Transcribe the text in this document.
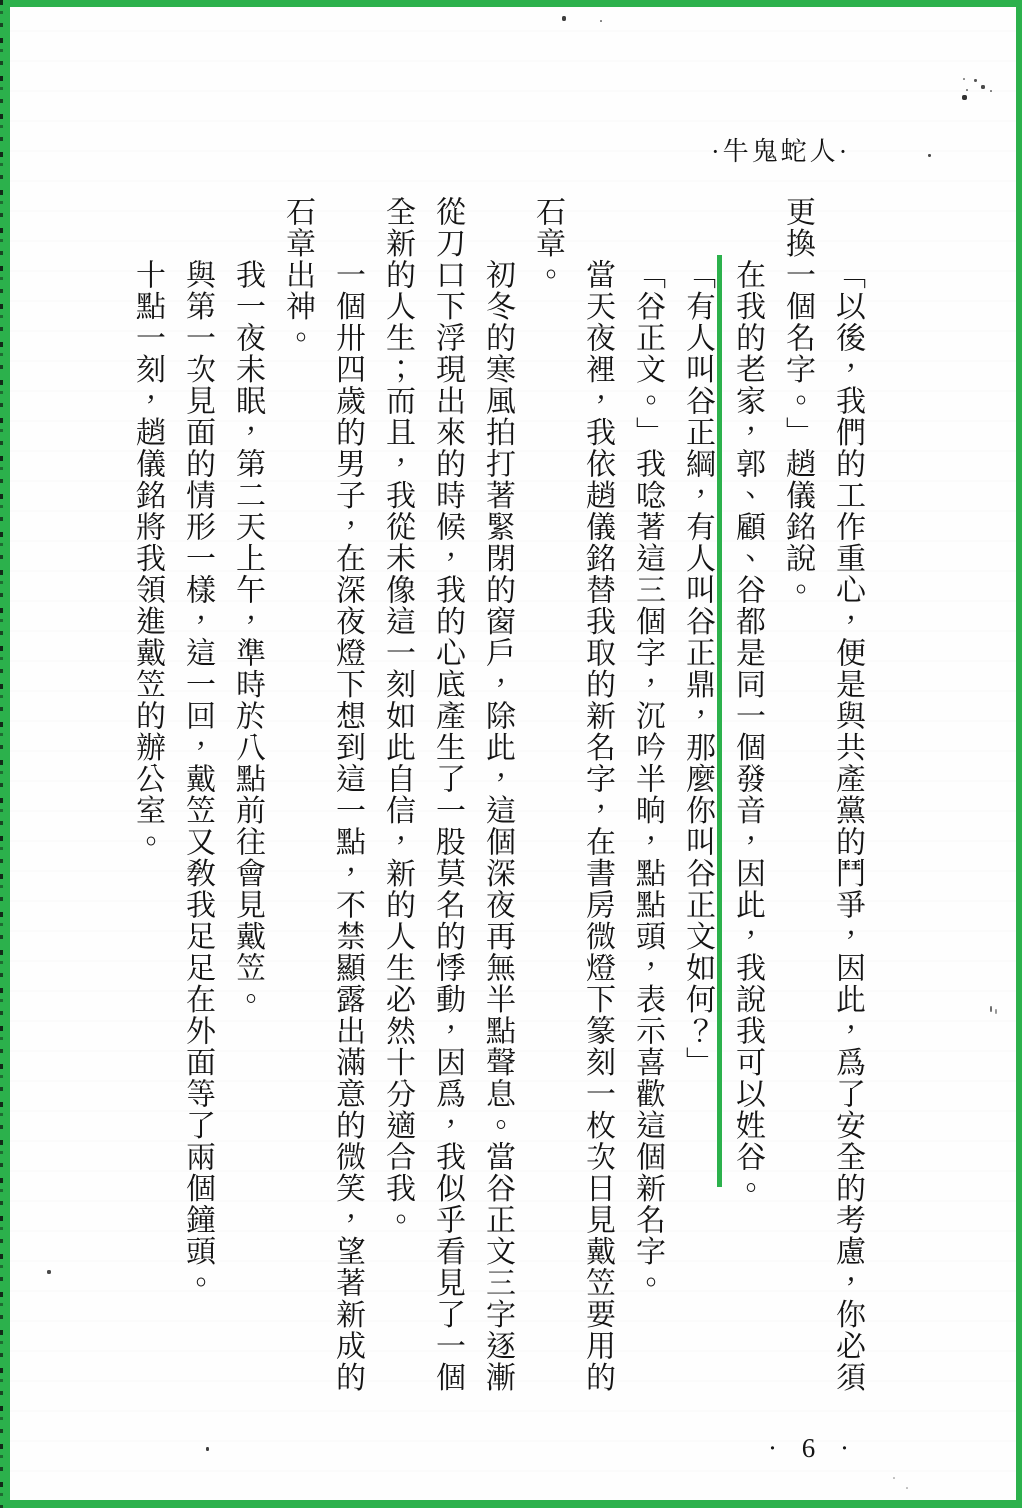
·牛鬼蛇人·
「以後，我們的工作重心，便是與共產黨的鬥爭，因此，爲了安全的考慮，你必須
更換一個名字。」趙儀銘說。
在我的老家，郭、顧、谷都是同一個發音，因此，我說我可以姓谷。
「有人叫谷正綱，有人叫谷正鼎，那麼你叫谷正文如何？」
「谷正文。」我唸著這三個字，沉吟半晌，點點頭，表示喜歡這個新名字。
當天夜裡，我依趙儀銘替我取的新名字，在書房微燈下篆刻一枚次日見戴笠要用的
石章。
初冬的寒風拍打著緊閉的窗戶，除此，這個深夜再無半點聲息。當谷正文三字逐漸
從刀口下浮現出來的時候，我的心底產生了一股莫名的悸動，因爲，我似乎看見了一個
全新的人生；而且，我從未像這一刻如此自信，新的人生必然十分適合我。
一個卅四歲的男子，在深夜燈下想到這一點，不禁顯露出滿意的微笑，望著新成的
石章出神。
我一夜未眠，第二天上午，準時於八點前往會見戴笠。
與第一次見面的情形一樣，這一回，戴笠又敎我足足在外面等了兩個鐘頭。
十點一刻，趙儀銘將我領進戴笠的辦公室。
· 6 ·
